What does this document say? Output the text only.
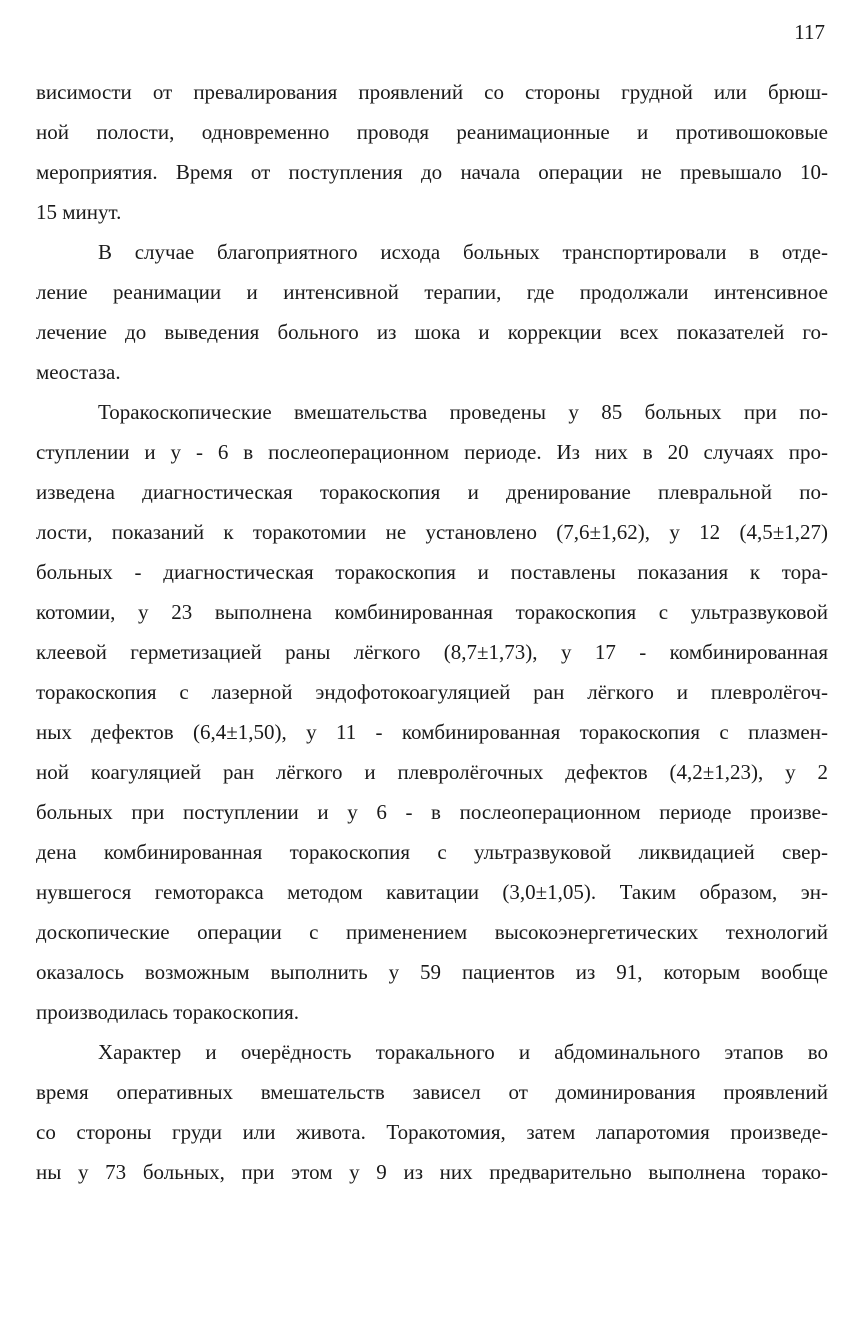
117
висимости от превалирования проявлений со стороны грудной или брюш-
ной полости, одновременно проводя реанимационные и противошоковые
мероприятия. Время от поступления до начала операции не превышало 10-
15 минут.
В случае благоприятного исхода больных транспортировали в отде-
ление реанимации и интенсивной терапии, где продолжали интенсивное
лечение до выведения больного из шока и коррекции всех показателей го-
меостаза.
Торакоскопические вмешательства проведены у 85 больных при по-
ступлении и у - 6 в послеоперационном периоде. Из них в 20 случаях про-
изведена диагностическая торакоскопия и дренирование плевральной по-
лости, показаний к торакотомии не установлено (7,6±1,62), у 12 (4,5±1,27)
больных - диагностическая торакоскопия и поставлены показания к тора-
котомии, у 23 выполнена комбинированная торакоскопия с ультразвуковой
клеевой герметизацией раны лёгкого (8,7±1,73), у 17 - комбинированная
торакоскопия с лазерной эндофотокоагуляцией ран лёгкого и плевролёгоч-
ных дефектов (6,4±1,50), у 11 - комбинированная торакоскопия с плазмен-
ной коагуляцией ран лёгкого и плевролёгочных дефектов (4,2±1,23), у 2
больных при поступлении и у 6 - в послеоперационном периоде произве-
дена комбинированная торакоскопия с ультразвуковой ликвидацией свер-
нувшегося гемоторакса методом кавитации (3,0±1,05). Таким образом, эн-
доскопические операции с применением высокоэнергетических технологий
оказалось возможным выполнить у 59 пациентов из 91, которым вообще
производилась торакоскопия.
Характер и очерёдность торакального и абдоминального этапов во
время оперативных вмешательств зависел от доминирования проявлений
со стороны груди или живота. Торакотомия, затем лапаротомия произведе-
ны у 73 больных, при этом у 9 из них предварительно выполнена торако-
